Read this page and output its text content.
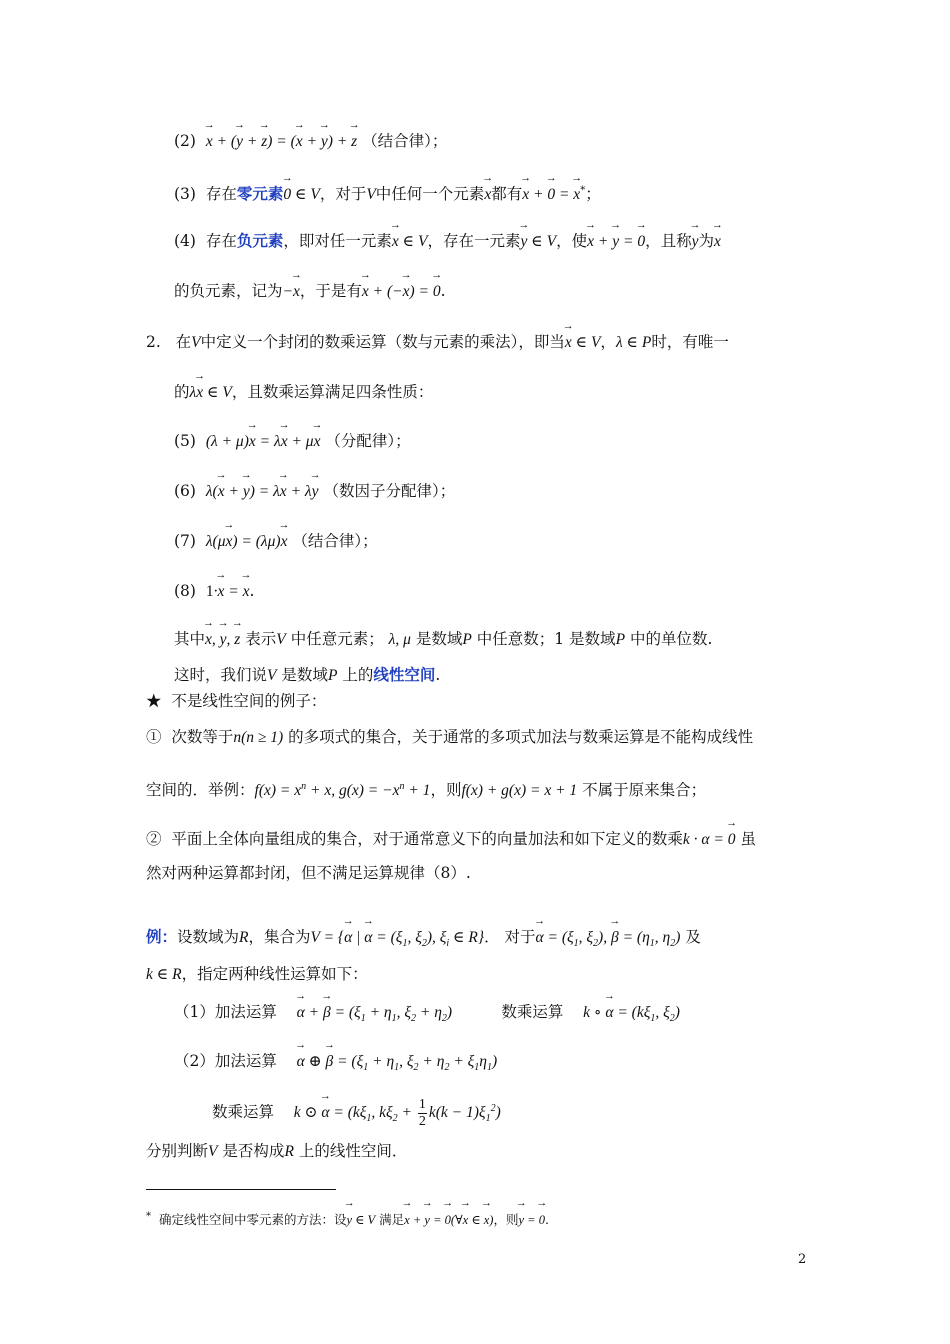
(2) → x + (→ y + → z) = (→ x + → y) + → z （结合律）；
(3) 存在零元素→ 0 ∈ V，对于V中任何一个元素→ x都有→ x + → 0 = → x*；
(4) 存在负元素，即对任一元素→ x ∈ V，存在一元素→ y ∈ V，使→ x + → y = → 0，且称→ y为→ x
的负元素，记为−→ x，于是有→ x + (−→ x) = → 0.
2. 在V中定义一个封闭的数乘运算（数与元素的乘法），即当→ x ∈ V，λ ∈ P时，有唯一
的λ→ x ∈ V，且数乘运算满足四条性质：
(5) (λ + μ)→ x = λ→ x + μ→ x （分配律）；
(6) λ(→ x + → y) = λ→ x + λ→ y （数因子分配律）；
(7) λ(μ→ x) = (λμ)→ x （结合律）；
(8) 1·→ x = → x.
其中→ x, → y, → z 表示V 中任意元素； λ, μ 是数域P 中任意数；1 是数域P 中的单位数.
这时，我们说V 是数域P 上的线性空间.
★ 不是线性空间的例子：
① 次数等于n(n ≥ 1) 的多项式的集合，关于通常的多项式加法与数乘运算是不能构成线性
空间的．举例：$f(x) = x^n + x$, $g(x) = -x^n + 1$，则f(x) + g(x) = x + 1 不属于原来集合；
② 平面上全体向量组成的集合，对于通常意义下的向量加法和如下定义的数乘k · α = → 0 虽
然对两种运算都封闭，但不满足运算规律（8）.
例：设数域为R，集合为V = {→ α | → $\alpha = (\xi_1$, $\xi_2$), $\xi_i$ ∈ R}． 对于→ $\alpha = (\xi_1$, $\xi_2$), → $\beta = (\eta_1$, $\eta_2$) 及
k ∈ R，指定两种线性运算如下：
（1）加法运算 → α + → $\beta = (\xi_1 + \eta_1$, $\xi_2 + \eta_2$)	数乘运算 k ∘ → $\alpha = (k\xi_1$, $\xi_2$)
（2）加法运算 → α ⊕ → $\beta = (\xi_1 + \eta_1$, $\xi_2 + \eta_2 + \xi_1\eta_1$)
数乘运算 k ⊙ → $\alpha = (k\xi_1$, $k\xi_2 + \frac{1}{2} k(k - 1)\xi_1^2$)
分别判断V 是否构成R 上的线性空间．
* 确定线性空间中零元素的方法：设→ y ∈ V 满足→ x + → y = → 0(∀→ x ∈ → x)，则→ y = → 0.
2
